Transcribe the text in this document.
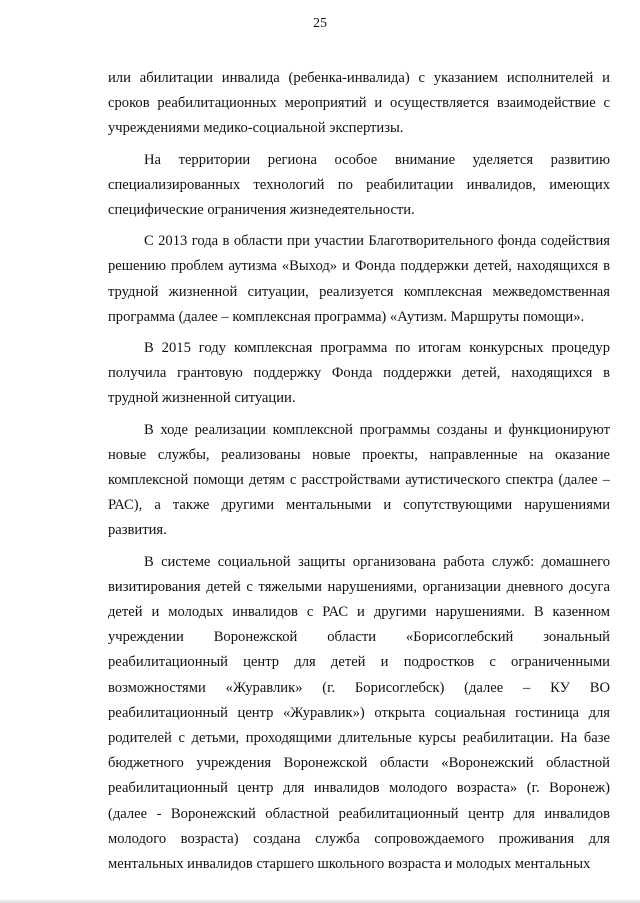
25

или абилитации инвалида (ребенка-инвалида) с указанием исполнителей и сроков реабилитационных мероприятий и осуществляется взаимодействие с учреждениями медико-социальной экспертизы.

На территории региона особое внимание уделяется развитию специализированных технологий по реабилитации инвалидов, имеющих специфические ограничения жизнедеятельности.

С 2013 года в области при участии Благотворительного фонда содействия решению проблем аутизма «Выход» и Фонда поддержки детей, находящихся в трудной жизненной ситуации, реализуется комплексная межведомственная программа (далее – комплексная программа) «Аутизм. Маршруты помощи».

В 2015 году комплексная программа по итогам конкурсных процедур получила грантовую поддержку Фонда поддержки детей, находящихся в трудной жизненной ситуации.

В ходе реализации комплексной программы созданы и функционируют новые службы, реализованы новые проекты, направленные на оказание комплексной помощи детям с расстройствами аутистического спектра (далее – РАС), а также другими ментальными и сопутствующими нарушениями развития.

В системе социальной защиты организована работа служб: домашнего визитирования детей с тяжелыми нарушениями, организации дневного досуга детей и молодых инвалидов с РАС и другими нарушениями. В казенном учреждении Воронежской области «Борисоглебский зональный реабилитационный центр для детей и подростков с ограниченными возможностями «Журавлик» (г. Борисоглебск) (далее – КУ ВО реабилитационный центр «Журавлик») открыта социальная гостиница для родителей с детьми, проходящими длительные курсы реабилитации. На базе бюджетного учреждения Воронежской области «Воронежский областной реабилитационный центр для инвалидов молодого возраста» (г. Воронеж) (далее - Воронежский областной реабилитационный центр для инвалидов молодого возраста) создана служба сопровождаемого проживания для ментальных инвалидов старшего школьного возраста и молодых ментальных
